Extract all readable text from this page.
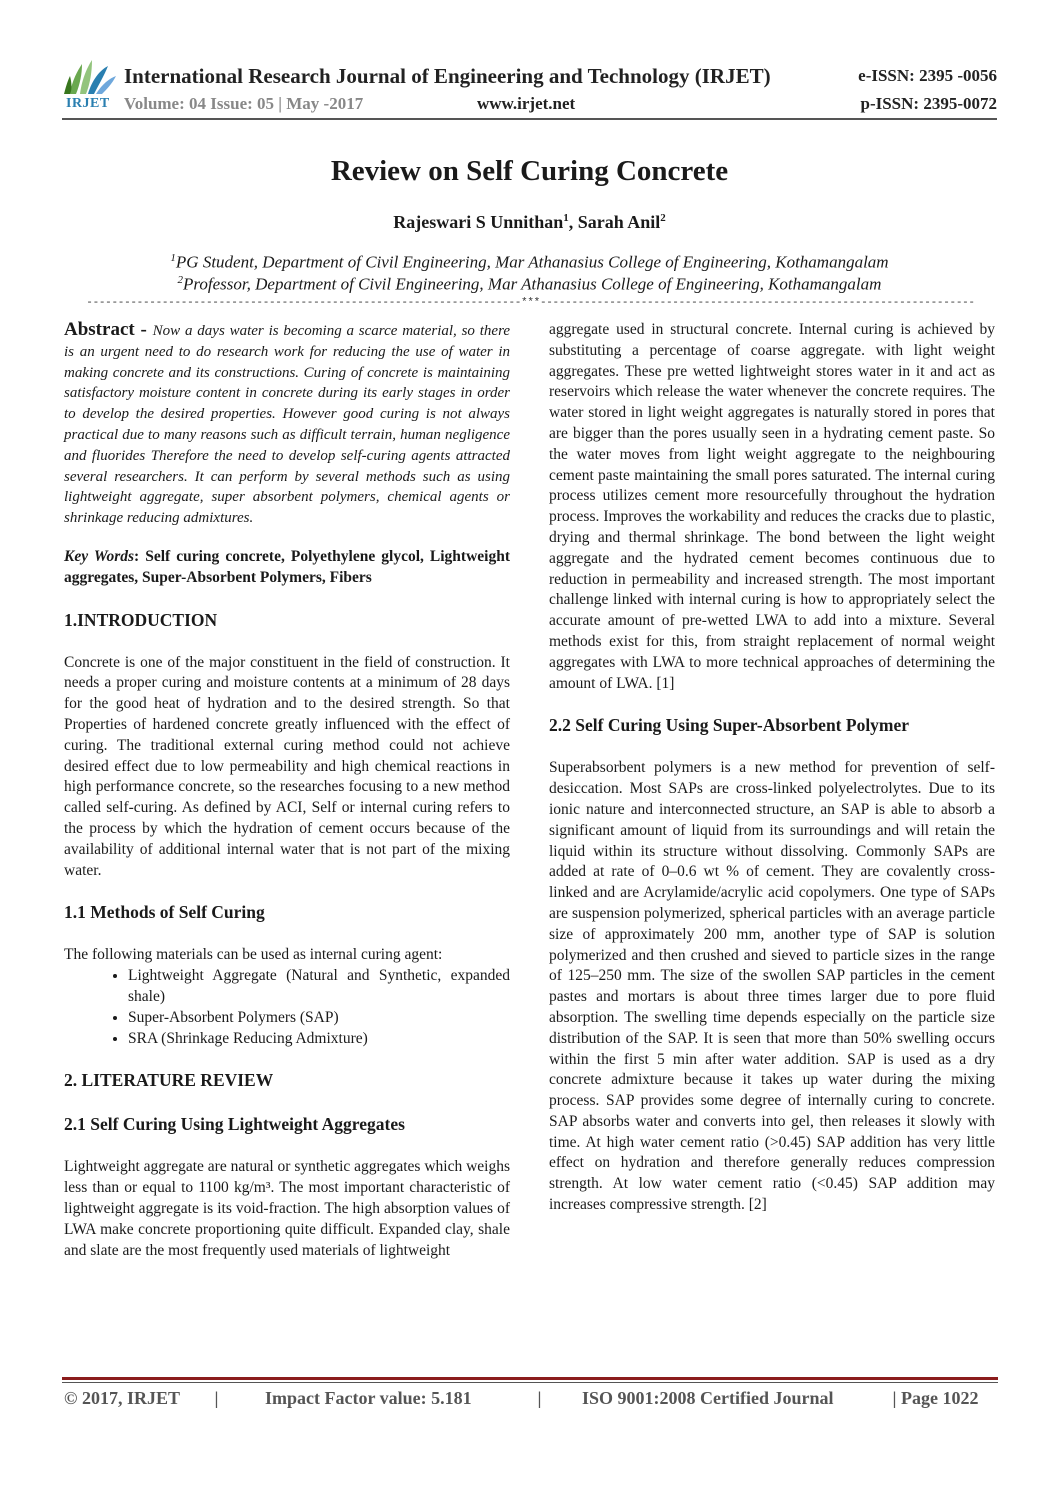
IRJET
International Research Journal of Engineering and Technology (IRJET)	e-ISSN: 2395 -0056
Volume: 04 Issue: 05 | May -2017	www.irjet.net	p-ISSN: 2395-0072
Review on Self Curing Concrete
Rajeswari S Unnithan$^1$, Sarah Anil$^2$
$^1$PG Student, Department of Civil Engineering, Mar Athanasius College of Engineering, Kothamangalam
$^2$Professor, Department of Civil Engineering, Mar Athanasius College of Engineering, Kothamangalam
---------------------------------------------------------------------***---------------------------------------------------------------------

Abstract - Now a days water is becoming a scarce material, so there is an urgent need to do research work for reducing the use of water in making concrete and its constructions. Curing of concrete is maintaining satisfactory moisture content in concrete during its early stages in order to develop the desired properties. However good curing is not always practical due to many reasons such as difficult terrain, human negligence and fluorides Therefore the need to develop self-curing agents attracted several researchers. It can perform by several methods such as using lightweight aggregate, super absorbent polymers, chemical agents or shrinkage reducing admixtures.

Key Words: Self curing concrete, Polyethylene glycol, Lightweight aggregates, Super-Absorbent Polymers, Fibers

1.INTRODUCTION

Concrete is one of the major constituent in the field of construction. It needs a proper curing and moisture contents at a minimum of 28 days for the good heat of hydration and to the desired strength. So that Properties of hardened concrete greatly influenced with the effect of curing. The traditional external curing method could not achieve desired effect due to low permeability and high chemical reactions in high performance concrete, so the researches focusing to a new method called self-curing. As defined by ACI, Self or internal curing refers to the process by which the hydration of cement occurs because of the availability of additional internal water that is not part of the mixing water.

1.1 Methods of Self Curing

The following materials can be used as internal curing agent:

• Lightweight Aggregate (Natural and Synthetic, expanded shale)
• Super-Absorbent Polymers (SAP)
• SRA (Shrinkage Reducing Admixture)
2. LITERATURE REVIEW
2.1 Self Curing Using Lightweight Aggregates

Lightweight aggregate are natural or synthetic aggregates which weighs less than or equal to 1100 kg/m³. The most important characteristic of lightweight aggregate is its void-fraction. The high absorption values of LWA make concrete proportioning quite difficult. Expanded clay, shale and slate are the most frequently used materials of lightweight

aggregate used in structural concrete. Internal curing is achieved by substituting a percentage of coarse aggregate. with light weight aggregates. These pre wetted lightweight stores water in it and act as reservoirs which release the water whenever the concrete requires. The water stored in light weight aggregates is naturally stored in pores that are bigger than the pores usually seen in a hydrating cement paste. So the water moves from light weight aggregate to the neighbouring cement paste maintaining the small pores saturated. The internal curing process utilizes cement more resourcefully throughout the hydration process. Improves the workability and reduces the cracks due to plastic, drying and thermal shrinkage. The bond between the light weight aggregate and the hydrated cement becomes continuous due to reduction in permeability and increased strength. The most important challenge linked with internal curing is how to appropriately select the accurate amount of pre-wetted LWA to add into a mixture. Several methods exist for this, from straight replacement of normal weight aggregates with LWA to more technical approaches of determining the amount of LWA. [1]

2.2 Self Curing Using Super-Absorbent Polymer

Superabsorbent polymers is a new method for prevention of self-desiccation. Most SAPs are cross-linked polyelectrolytes. Due to its ionic nature and interconnected structure, an SAP is able to absorb a significant amount of liquid from its surroundings and will retain the liquid within its structure without dissolving. Commonly SAPs are added at rate of 0–0.6 wt % of cement. They are covalently cross-linked and are Acrylamide/acrylic acid copolymers. One type of SAPs are suspension polymerized, spherical particles with an average particle size of approximately 200 mm, another type of SAP is solution polymerized and then crushed and sieved to particle sizes in the range of 125–250 mm. The size of the swollen SAP particles in the cement pastes and mortars is about three times larger due to pore fluid absorption. The swelling time depends especially on the particle size distribution of the SAP. It is seen that more than 50% swelling occurs within the first 5 min after water addition. SAP is used as a dry concrete admixture because it takes up water during the mixing process. SAP provides some degree of internally curing to concrete. SAP absorbs water and converts into gel, then releases it slowly with time. At high water cement ratio (>0.45) SAP addition has very little effect on hydration and therefore generally reduces compression strength. At low water cement ratio (<0.45) SAP addition may increases compressive strength. [2]

© 2017, IRJET |	Impact Factor value: 5.181	| ISO 9001:2008 Certified Journal	| Page 1022
